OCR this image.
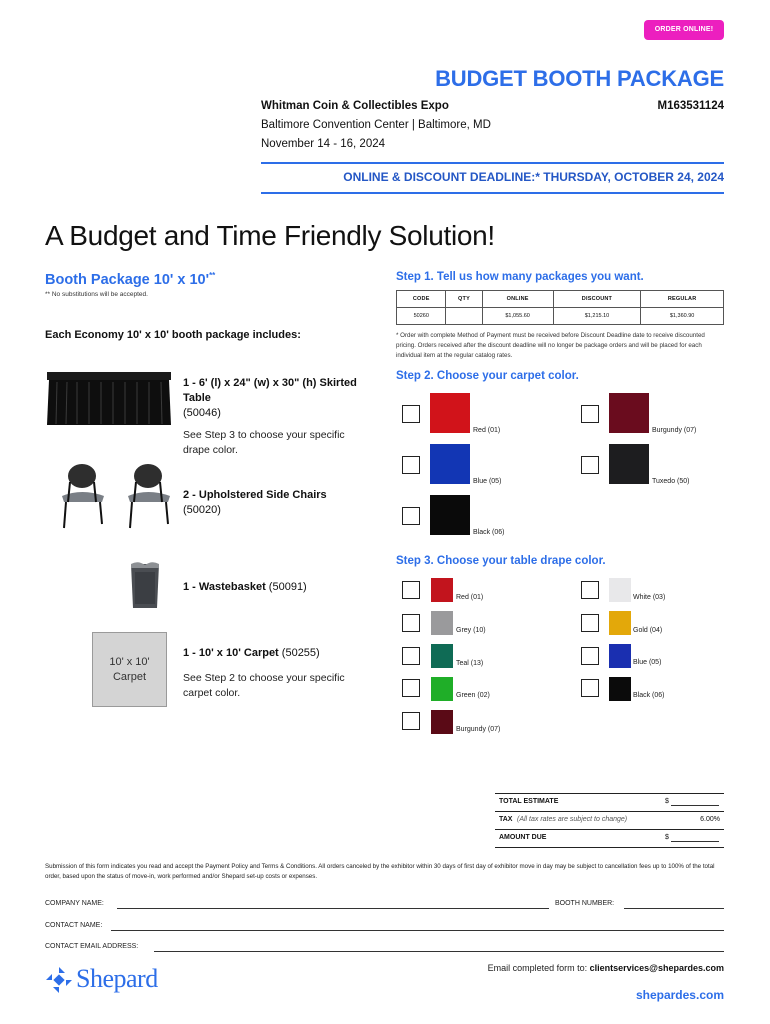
ORDER ONLINE!
BUDGET BOOTH PACKAGE
Whitman Coin & Collectibles Expo	M163531124
Baltimore Convention Center | Baltimore, MD
November 14 - 16, 2024
ONLINE & DISCOUNT DEADLINE:* THURSDAY, OCTOBER 24, 2024
A Budget and Time Friendly Solution!
Booth Package 10' x 10'**
** No substitutions will be accepted.
Each Economy 10' x 10' booth package includes:
1 - 6' (l) x 24" (w) x 30" (h) Skirted Table
(50046)
See Step 3 to choose your specific drape color.
2 - Upholstered Side Chairs
(50020)
1 - Wastebasket (50091)
10' x 10'
Carpet
1 - 10' x 10' Carpet (50255)
See Step 2 to choose your specific carpet color.
Step 1. Tell us how many packages you want.
CODE	QTY	ONLINE	DISCOUNT	REGULAR
50260		$1,055.60	$1,215.10	$1,360.90
* Order with complete Method of Payment must be received before Discount Deadline date to receive discounted pricing. Orders received after the discount deadline will no longer be package orders and will be placed for each individual item at the regular catalog rates.
Step 2. Choose your carpet color.
Red (01)	Burgundy (07)
Blue (05)	Tuxedo (50)
Black (06)
Step 3. Choose your table drape color.
Red (01)	White (03)
Grey (10)	Gold (04)
Teal (13)	Blue (05)
Green (02)	Black (06)
Burgundy (07)
TOTAL ESTIMATE	$
TAX (All tax rates are subject to change)	6.00%
AMOUNT DUE	$
Submission of this form indicates you read and accept the Payment Policy and Terms & Conditions. All orders canceled by the exhibitor within 30 days of first day of exhibitor move in day may be subject to cancellation fees up to 100% of the total order, based upon the status of move-in, work performed and/or Shepard set-up costs or expenses.
COMPANY NAME:	BOOTH NUMBER:
CONTACT NAME:
CONTACT EMAIL ADDRESS:
Shepard	Email completed form to: clientservices@shepardes.com
shepardes.com
